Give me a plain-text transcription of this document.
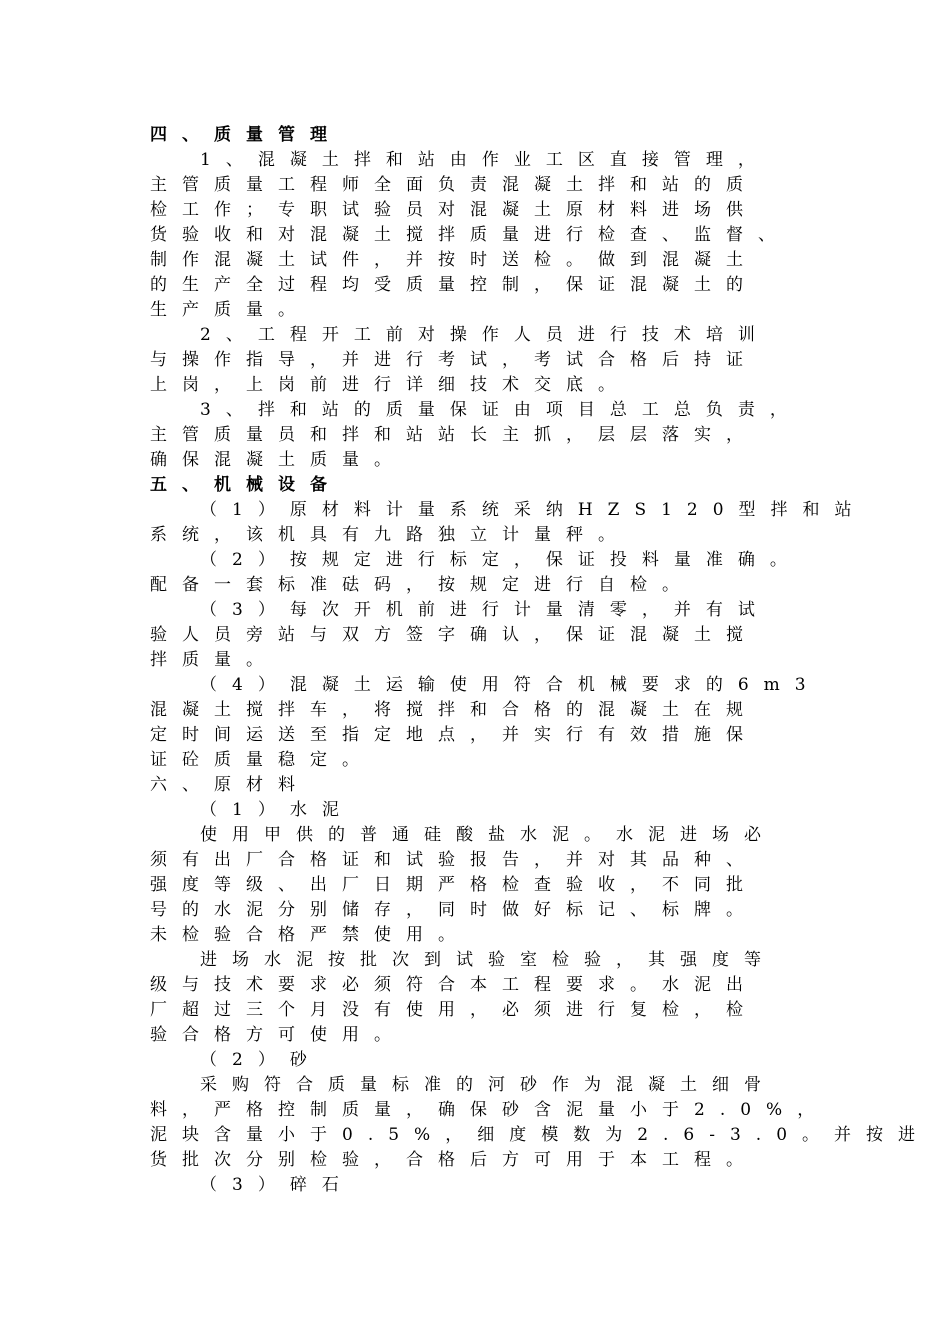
四、质量管理
1、混凝土拌和站由作业工区直接管理，
主管质量工程师全面负责混凝土拌和站的质
检工作；专职试验员对混凝土原材料进场供
货验收和对混凝土搅拌质量进行检查、监督、
制作混凝土试件，并按时送检。做到混凝土
的生产全过程均受质量控制，保证混凝土的
生产质量。
2、工程开工前对操作人员进行技术培训
与操作指导，并进行考试，考试合格后持证
上岗，上岗前进行详细技术交底。
3、拌和站的质量保证由项目总工总负责，
主管质量员和拌和站站长主抓，层层落实，
确保混凝土质量。
五、机械设备
（1）原材料计量系统采纳HZS120型拌和站
系统，该机具有九路独立计量秤。
（2）按规定进行标定，保证投料量准确。
配备一套标准砝码，按规定进行自检。
（3）每次开机前进行计量清零，并有试
验人员旁站与双方签字确认，保证混凝土搅
拌质量。
（4）混凝土运输使用符合机械要求的6m3
混凝土搅拌车，将搅拌和合格的混凝土在规
定时间运送至指定地点，并实行有效措施保
证砼质量稳定。
六、原材料
（1）水泥
使用甲供的普通硅酸盐水泥。水泥进场必
须有出厂合格证和试验报告，并对其品种、
强度等级、出厂日期严格检查验收，不同批
号的水泥分别储存，同时做好标记、标牌。
未检验合格严禁使用。
进场水泥按批次到试验室检验，其强度等
级与技术要求必须符合本工程要求。水泥出
厂超过三个月没有使用，必须进行复检，检
验合格方可使用。
（2）砂
采购符合质量标准的河砂作为混凝土细骨
料，严格控制质量，确保砂含泥量小于2.0%，
泥块含量小于0.5%，细度模数为2.6-3.0。并按进
货批次分别检验，合格后方可用于本工程。
（3）碎石
